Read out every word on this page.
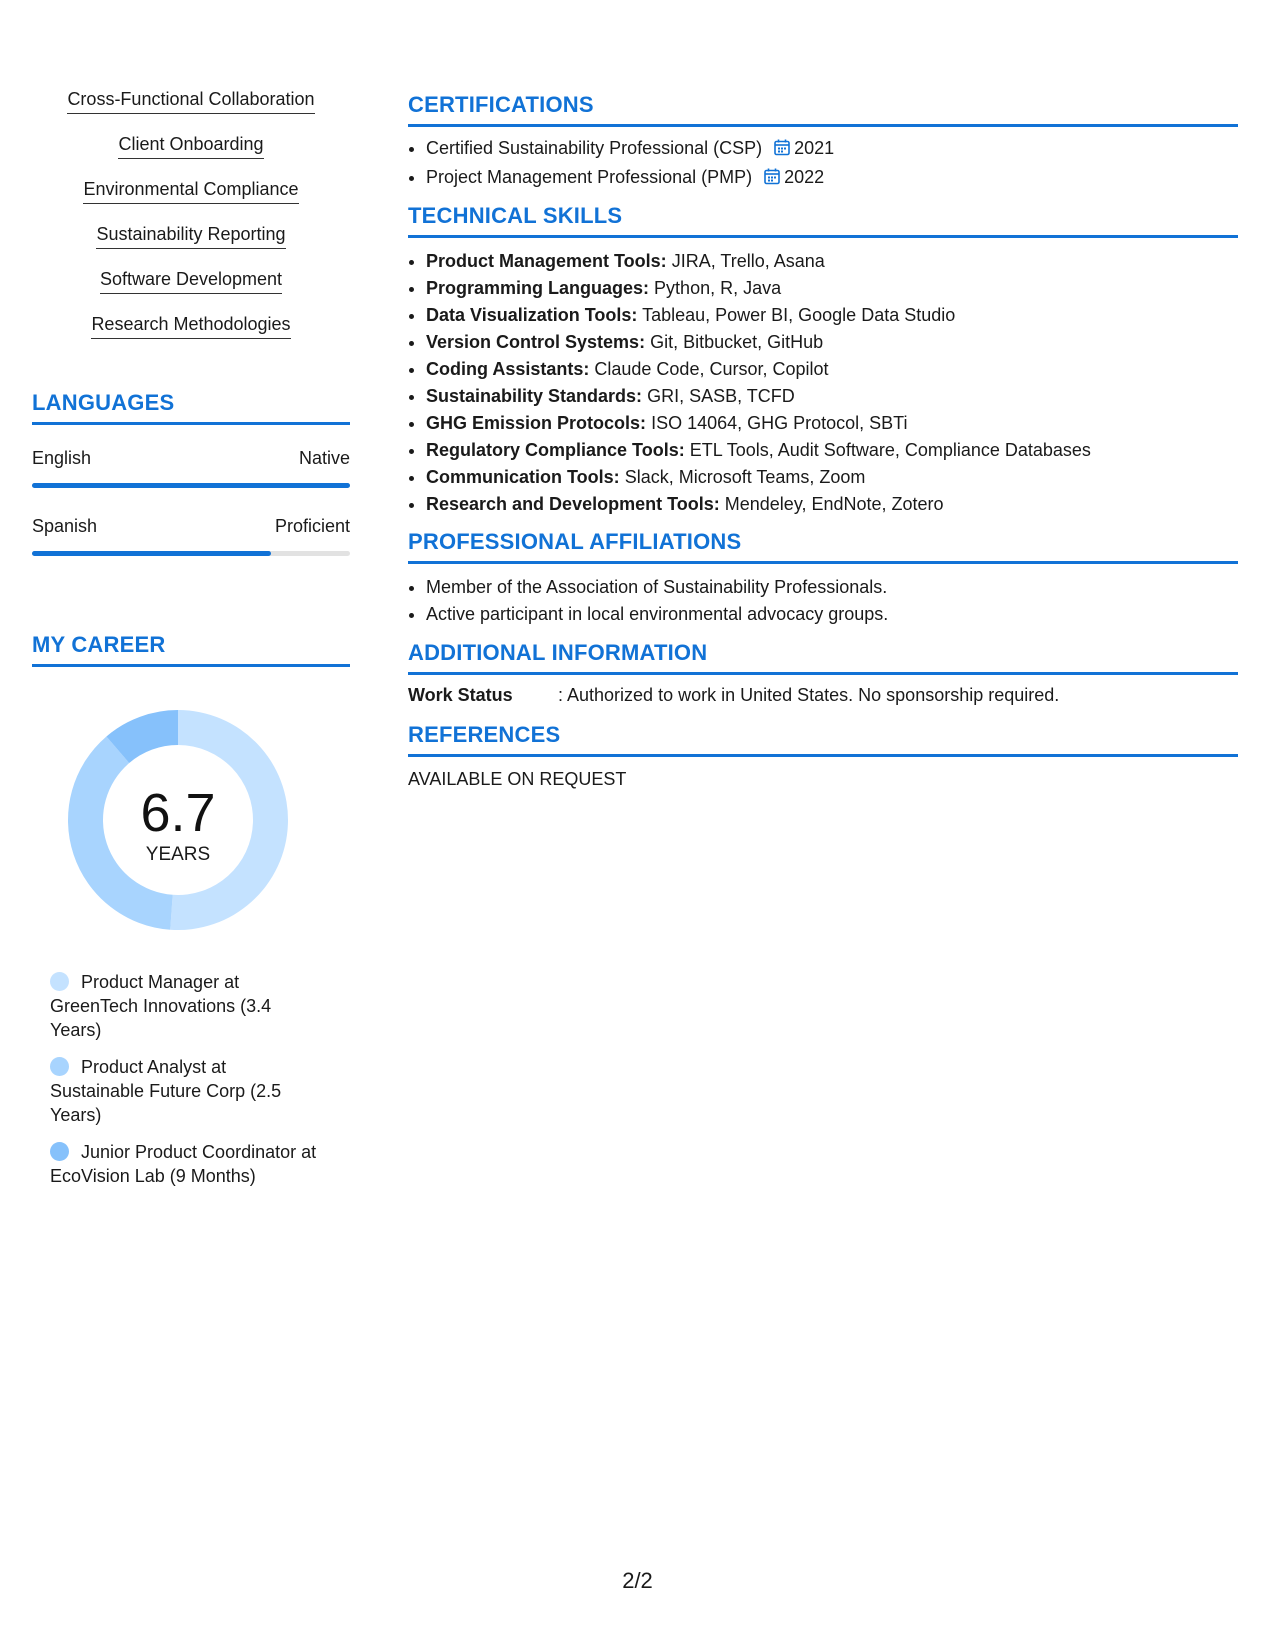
Cross-Functional Collaboration
Client Onboarding
Environmental Compliance
Sustainability Reporting
Software Development
Research Methodologies
LANGUAGES
English	Native
Spanish	Proficient
MY CAREER
6.7
YEARS
Product Manager at GreenTech Innovations (3.4 Years)
Product Analyst at Sustainable Future Corp (2.5 Years)
Junior Product Coordinator at EcoVision Lab (9 Months)
CERTIFICATIONS
• Certified Sustainability Professional (CSP) 2021
• Project Management Professional (PMP) 2022
TECHNICAL SKILLS
• Product Management Tools: JIRA, Trello, Asana
• Programming Languages: Python, R, Java
• Data Visualization Tools: Tableau, Power BI, Google Data Studio
• Version Control Systems: Git, Bitbucket, GitHub
• Coding Assistants: Claude Code, Cursor, Copilot
• Sustainability Standards: GRI, SASB, TCFD
• GHG Emission Protocols: ISO 14064, GHG Protocol, SBTi
• Regulatory Compliance Tools: ETL Tools, Audit Software, Compliance Databases
• Communication Tools: Slack, Microsoft Teams, Zoom
• Research and Development Tools: Mendeley, EndNote, Zotero
PROFESSIONAL AFFILIATIONS
• Member of the Association of Sustainability Professionals.
• Active participant in local environmental advocacy groups.
ADDITIONAL INFORMATION
Work Status	: Authorized to work in United States. No sponsorship required.
REFERENCES
AVAILABLE ON REQUEST
2/2
